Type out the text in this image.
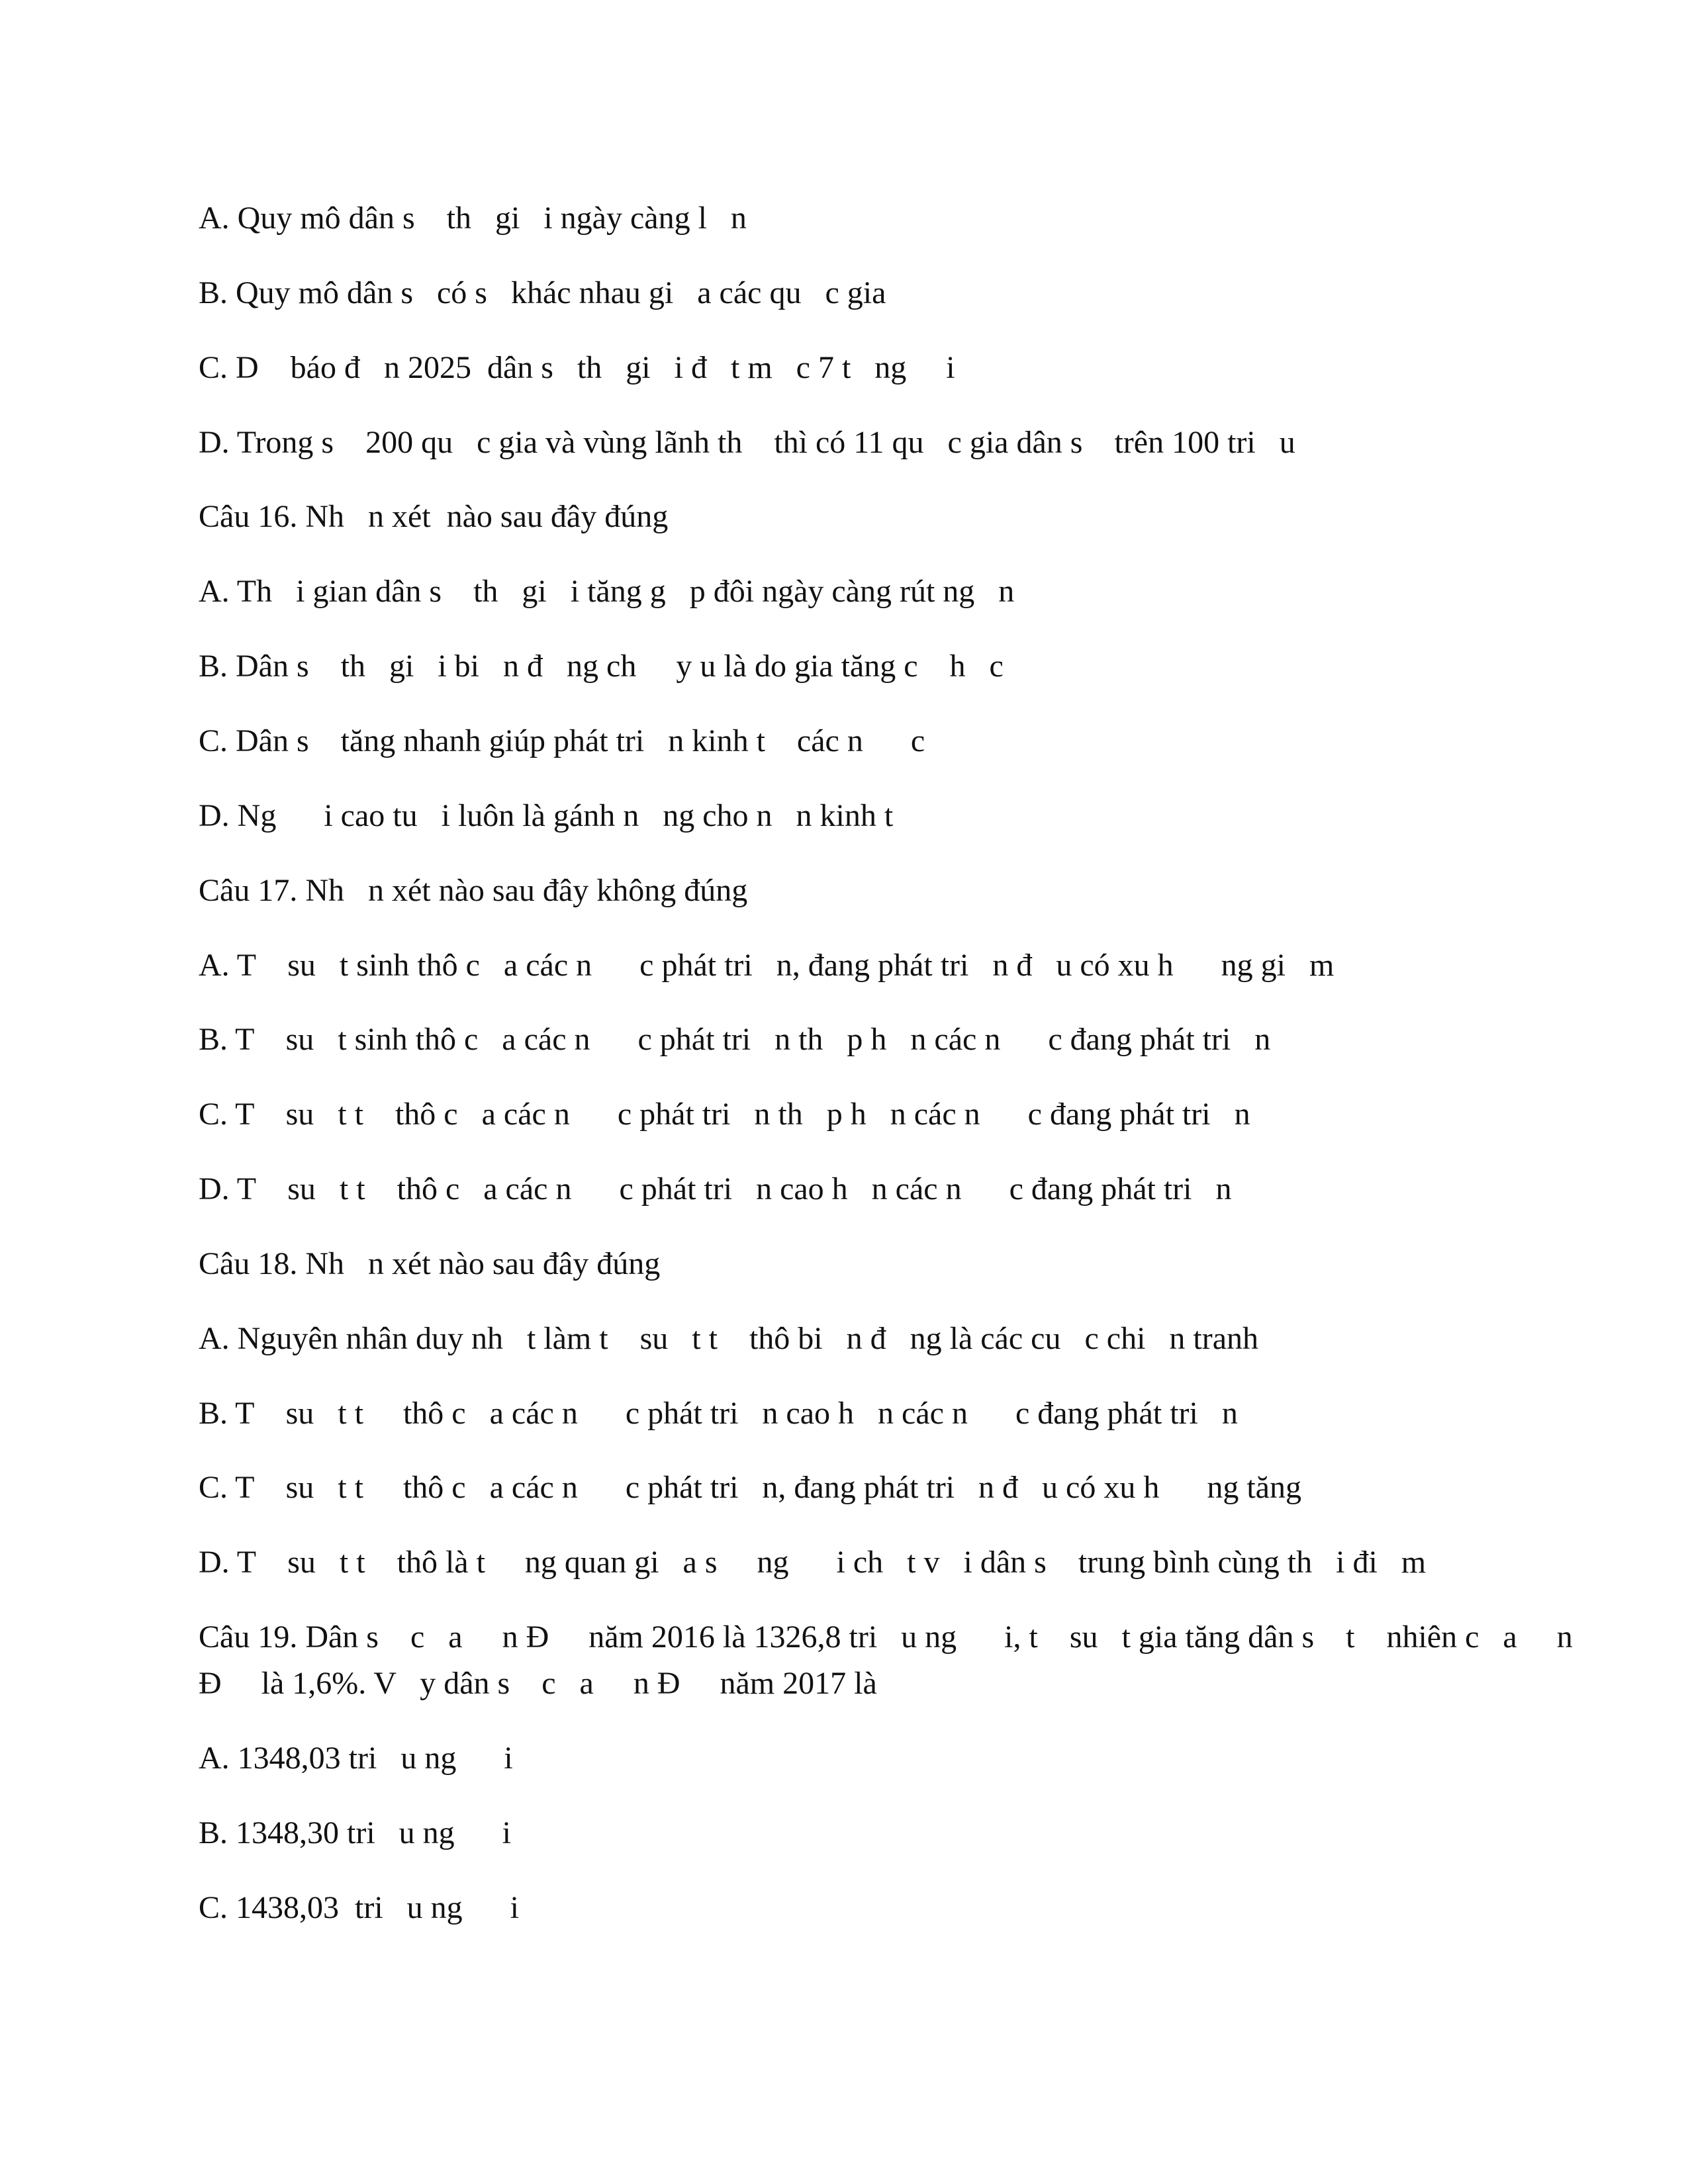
A. Quy mô dân s    th   gi   i ngày càng l   n
B. Quy mô dân s   có s   khác nhau gi   a các qu   c gia
C. D    báo đ   n 2025  dân s   th   gi   i đ   t m   c 7 t   ng     i
D. Trong s    200 qu   c gia và vùng lãnh th    thì có 11 qu   c gia dân s    trên 100 tri   u
Câu 16. Nh   n xét  nào sau đây đúng
A. Th   i gian dân s    th   gi   i tăng g   p đôi ngày càng rút ng   n
B. Dân s    th   gi   i bi   n đ   ng ch     y u là do gia tăng c    h   c
C. Dân s    tăng nhanh giúp phát tri   n kinh t    các n      c
D. Ng      i cao tu   i luôn là gánh n   ng cho n   n kinh t
Câu 17. Nh   n xét nào sau đây không đúng
A. T    su   t sinh thô c   a các n      c phát tri   n, đang phát tri   n đ   u có xu h      ng gi   m
B. T    su   t sinh thô c   a các n      c phát tri   n th   p h   n các n      c đang phát tri   n
C. T    su   t t    thô c   a các n      c phát tri   n th   p h   n các n      c đang phát tri   n
D. T    su   t t    thô c   a các n      c phát tri   n cao h   n các n      c đang phát tri   n
Câu 18. Nh   n xét nào sau đây đúng
A. Nguyên nhân duy nh   t làm t    su   t t    thô bi   n đ   ng là các cu   c chi   n tranh
B. T    su   t t     thô c   a các n      c phát tri   n cao h   n các n      c đang phát tri   n
C. T    su   t t     thô c   a các n      c phát tri   n, đang phát tri   n đ   u có xu h      ng tăng
D. T    su   t t    thô là t     ng quan gi   a s     ng      i ch   t v   i dân s    trung bình cùng th   i đi   m
Câu 19. Dân s    c   a     n Đ     năm 2016 là 1326,8 tri   u ng      i, t    su   t gia tăng dân s    t    nhiên c   a     n
Đ     là 1,6%. V   y dân s    c   a     n Đ     năm 2017 là
A. 1348,03 tri   u ng      i
B. 1348,30 tri   u ng      i
C. 1438,03  tri   u ng      i
